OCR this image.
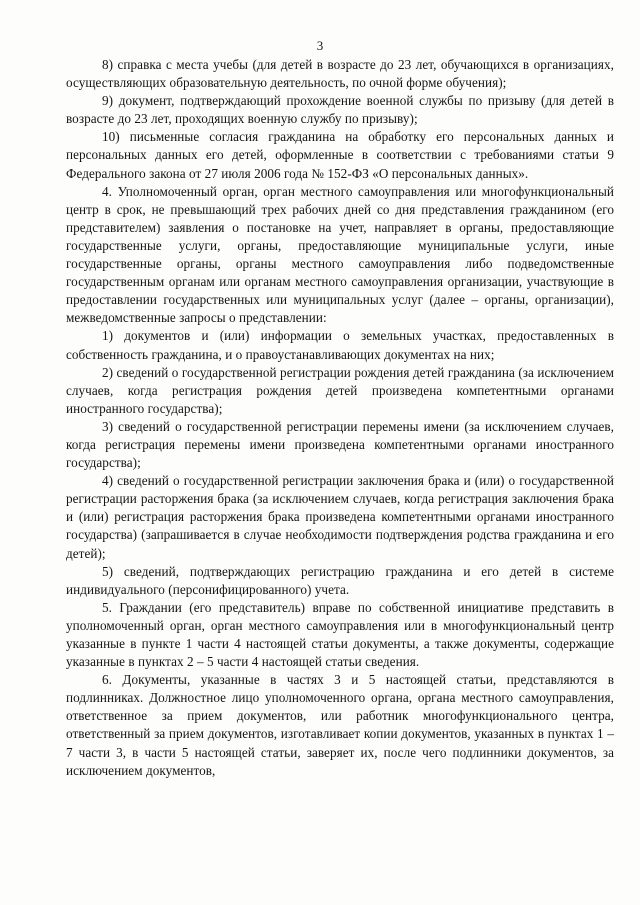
3

8) справка с места учебы (для детей в возрасте до 23 лет, обучающихся в организациях, осуществляющих образовательную деятельность, по очной форме обучения);

9) документ, подтверждающий прохождение военной службы по призыву (для детей в возрасте до 23 лет, проходящих военную службу по призыву);

10) письменные согласия гражданина на обработку его персональных данных и персональных данных его детей, оформленные в соответствии с требованиями статьи 9 Федерального закона от 27 июля 2006 года № 152-ФЗ «О персональных данных».

4. Уполномоченный орган, орган местного самоуправления или многофункциональный центр в срок, не превышающий трех рабочих дней со дня представления гражданином (его представителем) заявления о постановке на учет, направляет в органы, предоставляющие государственные услуги, органы, предоставляющие муниципальные услуги, иные государственные органы, органы местного самоуправления либо подведомственные государственным органам или органам местного самоуправления организации, участвующие в предоставлении государственных или муниципальных услуг (далее – органы, организации), межведомственные запросы о представлении:

1) документов и (или) информации о земельных участках, предоставленных в собственность гражданина, и о правоустанавливающих документах на них;

2) сведений о государственной регистрации рождения детей гражданина (за исключением случаев, когда регистрация рождения детей произведена компетентными органами иностранного государства);

3) сведений о государственной регистрации перемены имени (за исключением случаев, когда регистрация перемены имени произведена компетентными органами иностранного государства);

4) сведений о государственной регистрации заключения брака и (или) о государственной регистрации расторжения брака (за исключением случаев, когда регистрация заключения брака и (или) регистрация расторжения брака произведена компетентными органами иностранного государства) (запрашивается в случае необходимости подтверждения родства гражданина и его детей);

5) сведений, подтверждающих регистрацию гражданина и его детей в системе индивидуального (персонифицированного) учета.

5. Граждании (его представитель) вправе по собственной инициативе представить в уполномоченный орган, орган местного самоуправления или в многофункциональный центр указанные в пункте 1 части 4 настоящей статьи документы, а также документы, содержащие указанные в пунктах 2 – 5 части 4 настоящей статьи сведения.

6. Документы, указанные в частях 3 и 5 настоящей статьи, представляются в подлинниках. Должностное лицо уполномоченного органа, органа местного самоуправления, ответственное за прием документов, или работник многофункционального центра, ответственный за прием документов, изготавливает копии документов, указанных в пунктах 1 – 7 части 3, в части 5 настоящей статьи, заверяет их, после чего подлинники документов, за исключением документов,
